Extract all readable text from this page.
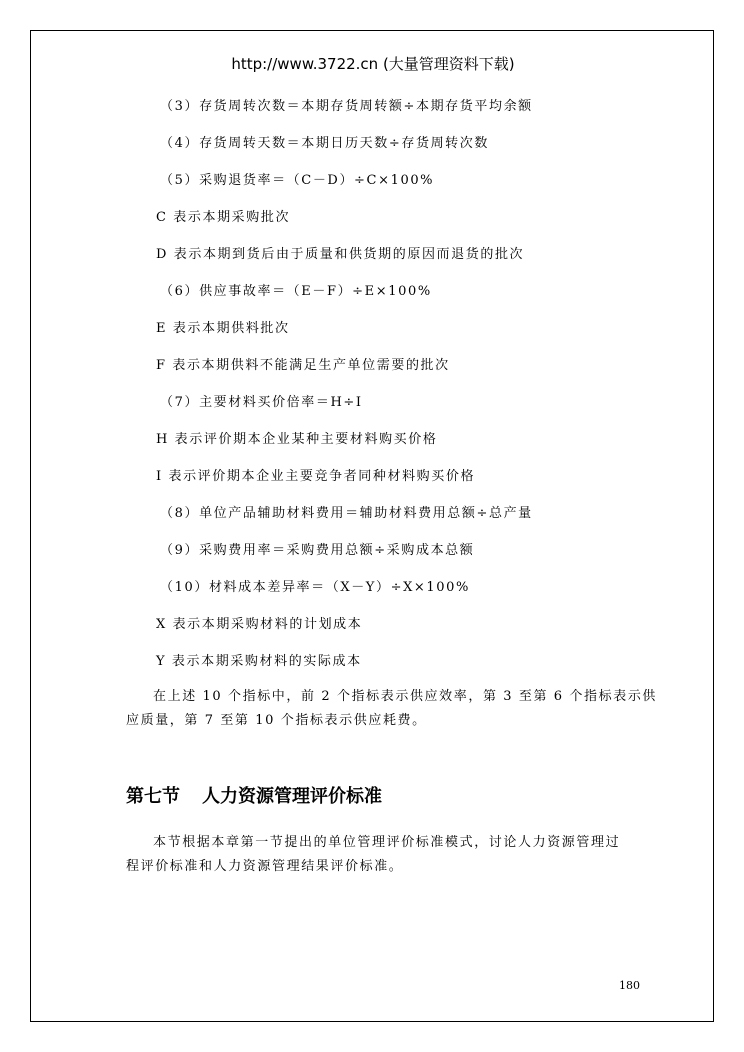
http://www.3722.cn (大量管理资料下载)
（3）存货周转次数＝本期存货周转额÷本期存货平均余额
（4）存货周转天数＝本期日历天数÷存货周转次数
（5）采购退货率＝（C－D）÷C×100%
C 表示本期采购批次
D 表示本期到货后由于质量和供货期的原因而退货的批次
（6）供应事故率＝（E－F）÷E×100%
E 表示本期供料批次
F 表示本期供料不能满足生产单位需要的批次
（7）主要材料买价倍率＝H÷I
H 表示评价期本企业某种主要材料购买价格
I 表示评价期本企业主要竞争者同种材料购买价格
（8）单位产品辅助材料费用＝辅助材料费用总额÷总产量
（9）采购费用率＝采购费用总额÷采购成本总额
（10）材料成本差异率＝（X－Y）÷X×100%
X 表示本期采购材料的计划成本
Y 表示本期采购材料的实际成本
在上述 10 个指标中，前 2 个指标表示供应效率，第 3 至第 6 个指标表示供
应质量，第 7 至第 10 个指标表示供应耗费。
第七节 人力资源管理评价标准
本节根据本章第一节提出的单位管理评价标准模式，讨论人力资源管理过
程评价标准和人力资源管理结果评价标准。
180
